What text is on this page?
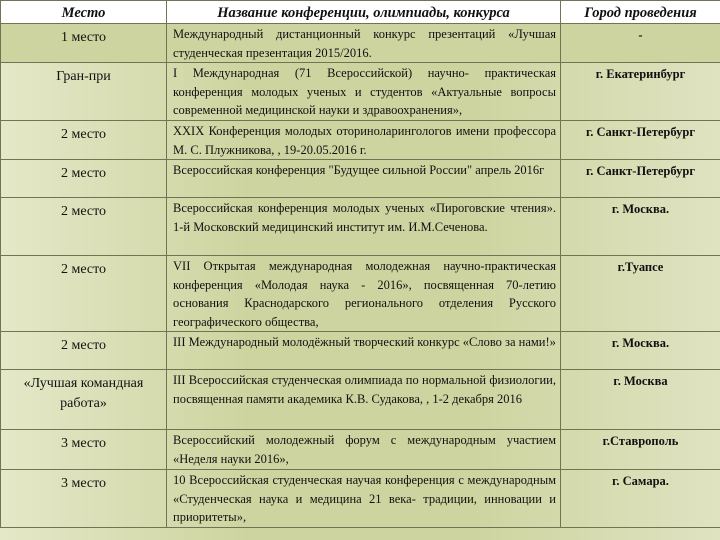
Место	Название конференции, олимпиады, конкурса	Город проведения
1 место	Международный дистанционный конкурс презентаций «Лучшая студенческая презентация 2015/2016.	-
Гран-при	I Международная (71 Всероссийской) научно- практическая конференция молодых ученых и студентов «Актуальные вопросы современной медицинской науки и здравоохранения»,	г. Екатеринбург
2 место	XXIX Конференция молодых оториноларингологов имени профессора М. С. Плужникова, , 19-20.05.2016 г.	г. Санкт-Петербург
2 место	Всероссийская конференция "Будущее сильной России" апрель 2016г	г. Санкт-Петербург
2 место	Всероссийская конференция молодых ученых «Пироговские чтения». 1-й Московский медицинский институт им. И.М.Сеченова.	г. Москва.
2 место	VII Открытая международная молодежная научно-практическая конференция «Молодая наука - 2016», посвященная 70-летию основания Краснодарского регионального отделения Русского географического общества,	г.Туапсе
2 место	III Международный молодёжный творческий конкурс «Слово за нами!»	г. Москва.
«Лучшая командная работа»	III Всероссийская студенческая олимпиада по нормальной физиологии, посвященная памяти академика К.В. Судакова, , 1-2 декабря 2016	г. Москва
3 место	Всероссийский молодежный форум с международным участием «Неделя науки 2016»,	г.Ставрополь
3 место	10 Всероссийская студенческая научая конференция с международным «Студенческая наука и медицина 21 века- традиции, инновации и приоритеты»,	г. Самара.
